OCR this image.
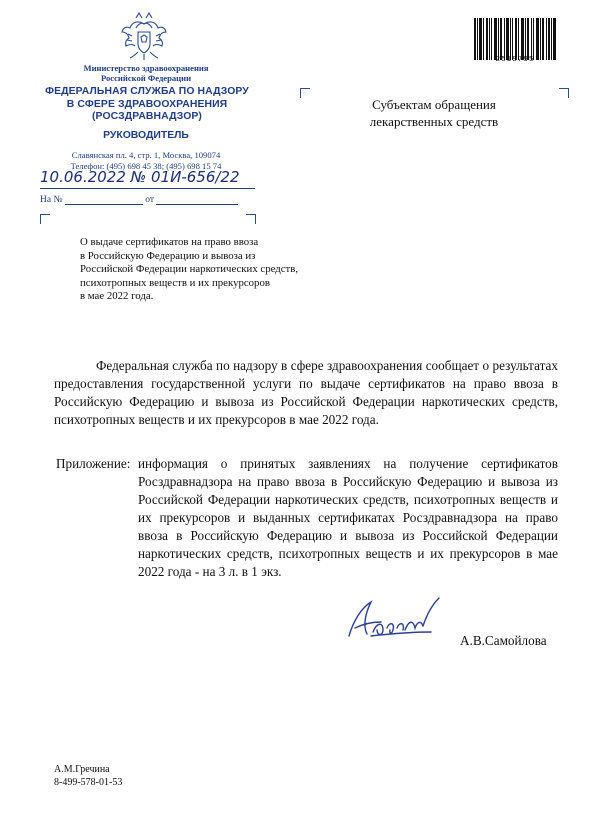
Министерство здравоохранения
Российской Федерации
ФЕДЕРАЛЬНАЯ СЛУЖБА ПО НАДЗОРУ
В СФЕРЕ ЗДРАВООХРАНЕНИЯ
(РОСЗДРАВНАДЗОР)
РУКОВОДИТЕЛЬ
Славянская пл. 4, стр. 1, Москва, 109074
Телефон: (495) 698 45 38; (495) 698 15 74
10.06.2022 № 01И-656/22
На №	от
2519795
Субъектам обращения
лекарственных средств
О выдаче сертификатов на право ввоза
в Российскую Федерацию и вывоза из
Российской Федерации наркотических средств,
психотропных веществ и их прекурсоров
в мае 2022 года.

Федеральная служба по надзору в сфере здравоохранения сообщает о результатах предоставления государственной услуги по выдаче сертификатов на право ввоза в Российскую Федерацию и вывоза из Российской Федерации наркотических средств, психотропных веществ и их прекурсоров в мае 2022 года.

Приложение: информация о принятых заявлениях на получение сертификатов Росздравнадзора на право ввоза в Российскую Федерацию и вывоза из Российской Федерации наркотических средств, психотропных веществ и их прекурсоров и выданных сертификатах Росздравнадзора на право ввоза в Российскую Федерацию и вывоза из Российской Федерации наркотических средств, психотропных веществ и их прекурсоров в мае 2022 года - на 3 л. в 1 экз.
А.В.Самойлова
А.М.Гречина
8-499-578-01-53
